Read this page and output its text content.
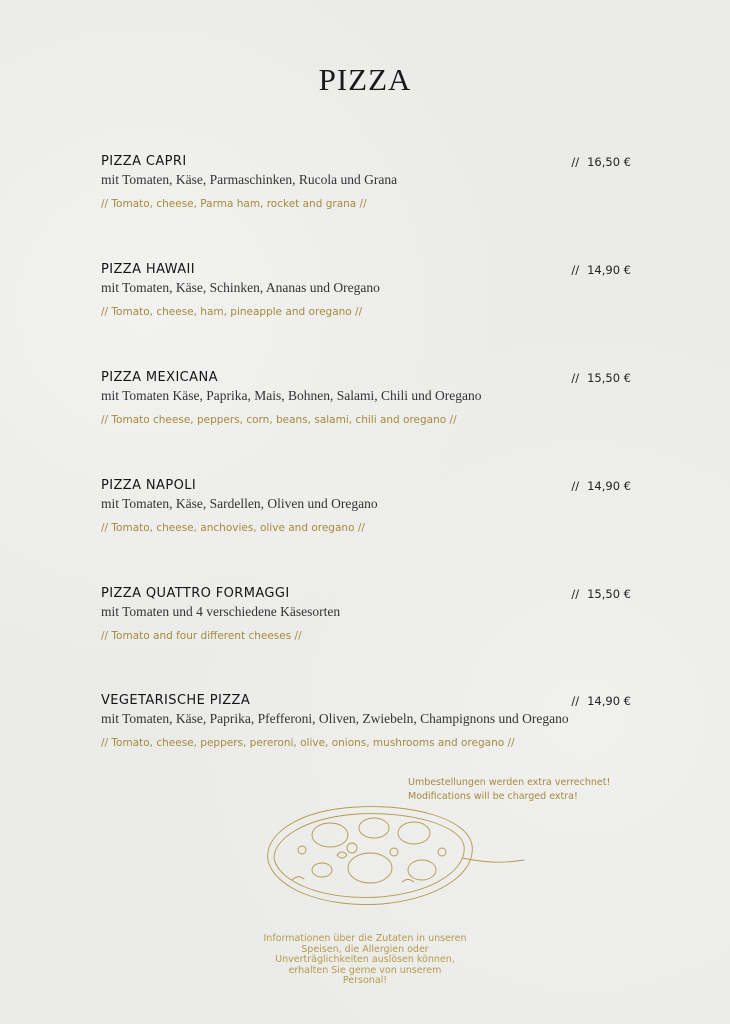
PIZZA
PIZZA CAPRI	// 16,50 €
mit Tomaten, Käse, Parmaschinken, Rucola und Grana
// Tomato, cheese, Parma ham, rocket and grana //
PIZZA HAWAII	// 14,90 €
mit Tomaten, Käse, Schinken, Ananas und Oregano
// Tomato, cheese, ham, pineapple and oregano //
PIZZA MEXICANA	// 15,50 €
mit Tomaten Käse, Paprika, Mais, Bohnen, Salami, Chili und Oregano
// Tomato cheese, peppers, corn, beans, salami, chili and oregano //
PIZZA NAPOLI	// 14,90 €
mit Tomaten, Käse, Sardellen, Oliven und Oregano
// Tomato, cheese, anchovies, olive and oregano //
PIZZA QUATTRO FORMAGGI	// 15,50 €
mit Tomaten und 4 verschiedene Käsesorten
// Tomato and four different cheeses //
VEGETARISCHE PIZZA	// 14,90 €
mit Tomaten, Käse, Paprika, Pfefferoni, Oliven, Zwiebeln, Champignons und Oregano
// Tomato, cheese, peppers, pereroni, olive, onions, mushrooms and oregano //
Umbestellungen werden extra verrechnet!
Modifications will be charged extra!
Informationen über die Zutaten in unseren
Speisen, die Allergien oder
Unverträglichkeiten auslösen können,
erhalten Sie gerne von unserem
Personal!
